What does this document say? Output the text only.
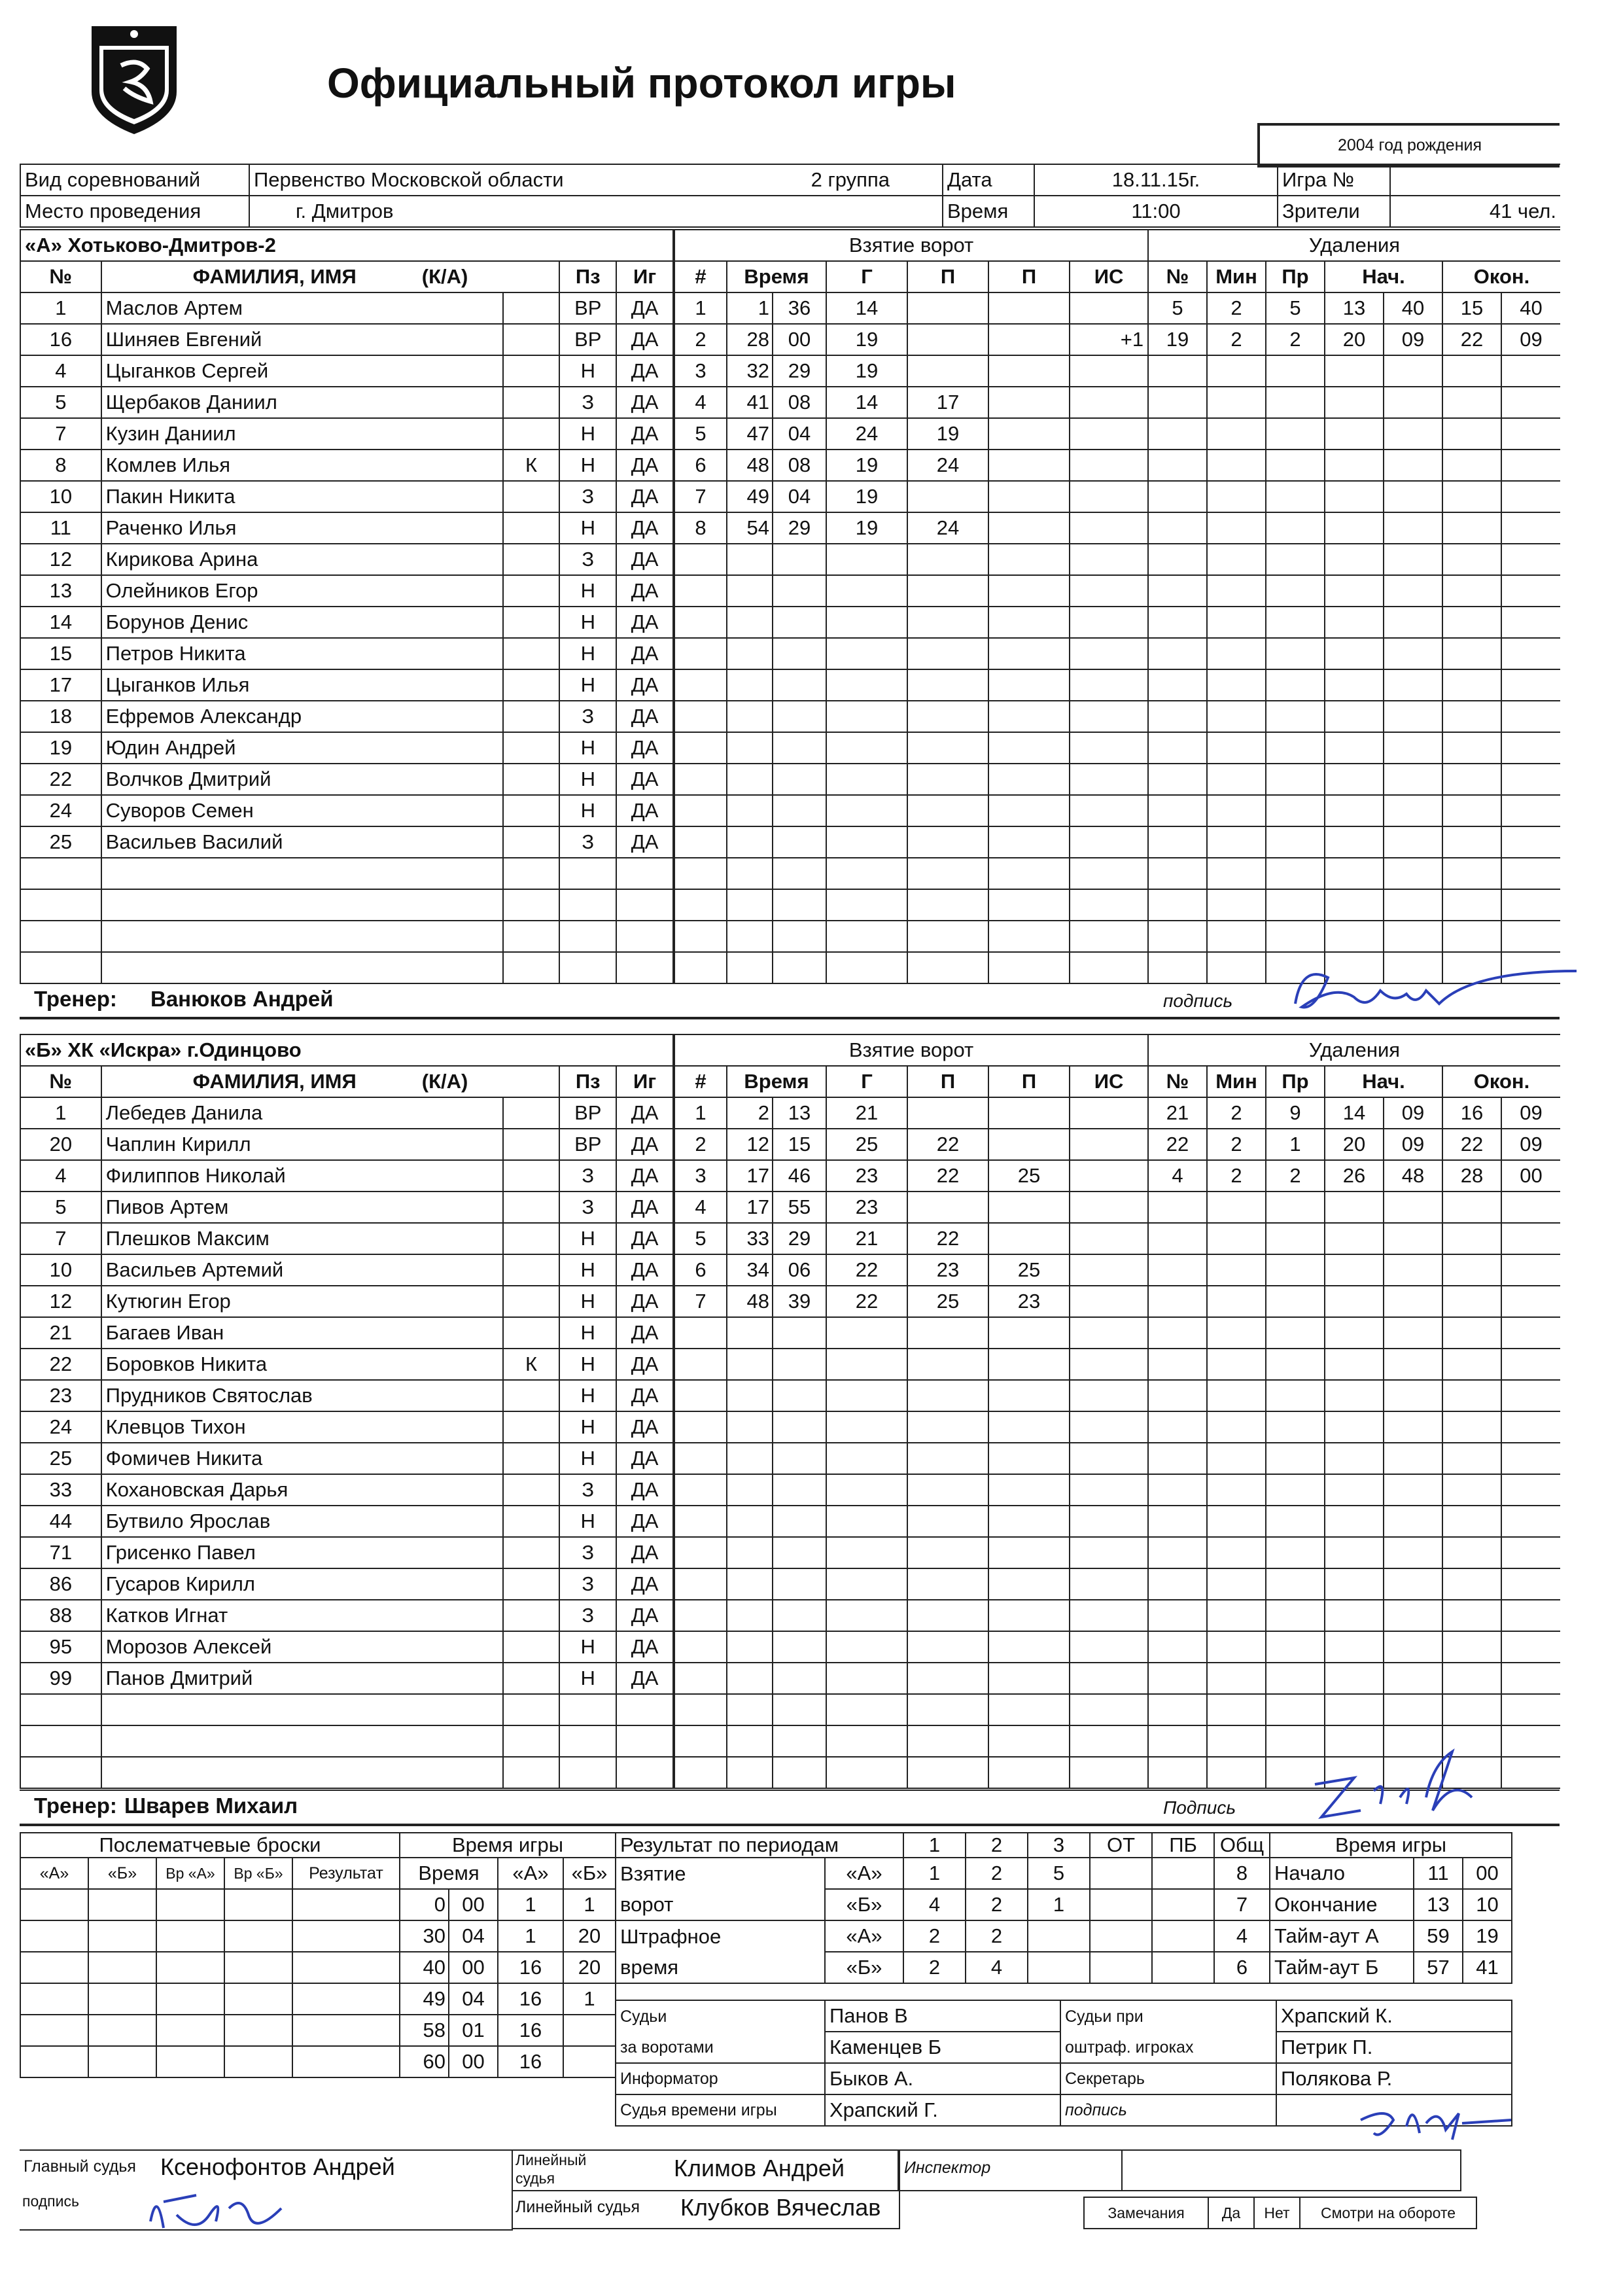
Официальный протокол игры
2004 год рождения
Вид соревнований	Первенство Московской области	2 группа	Дата	18.11.15г.	Игра №	
Место проведения	г. Дмитров		Время	11:00	Зрители	41 чел.
«А» Хотьково-Дмитров-2				
№	ФАМИЛИЯ, ИМЯ (К/А)		Пз	Иг
1	Маслов Артем		ВР	ДА
16	Шиняев Евгений		ВР	ДА
4	Цыганков Сергей		Н	ДА
5	Щербаков Даниил		З	ДА
7	Кузин Даниил		Н	ДА
8	Комлев Илья	К	Н	ДА
10	Пакин Никита		З	ДА
11	Раченко Илья		Н	ДА
12	Кирикова Арина		З	ДА
13	Олейников Егор		Н	ДА
14	Борунов Денис		Н	ДА
15	Петров Никита		Н	ДА
17	Цыганков Илья		Н	ДА
18	Ефремов Александр		З	ДА
19	Юдин Андрей		Н	ДА
22	Волчков Дмитрий		Н	ДА
24	Суворов Семен		Н	ДА
25	Васильев Василий		З	ДА

Взятие ворот						
#	Время		Г	П	П	ИС
1	1	36	14			
2	28	00	19			+1
3	32	29	19			
4	41	08	14	17		
5	47	04	24	19		
6	48	08	19	24		
7	49	04	19			
8	54	29	19	24		

Удаления						
№	Мин	Пр	Нач.		Окон.	
5	2	5	13	40	15	40
19	2	2	20	09	22	09

«Б» ХК «Искра» г.Одинцово				
№	ФАМИЛИЯ, ИМЯ (К/А)		Пз	Иг
1	Лебедев Данила		ВР	ДА
20	Чаплин Кирилл		ВР	ДА
4	Филиппов Николай		З	ДА
5	Пивов Артем		З	ДА
7	Плешков Максим		Н	ДА
10	Васильев Артемий		Н	ДА
12	Кутюгин Егор		Н	ДА
21	Багаев Иван		Н	ДА
22	Боровков Никита	К	Н	ДА
23	Прудников Святослав		Н	ДА
24	Клевцов Тихон		Н	ДА
25	Фомичев Никита		Н	ДА
33	Кохановская Дарья		З	ДА
44	Бутвило Ярослав		Н	ДА
71	Грисенко Павел		З	ДА
86	Гусаров Кирилл		З	ДА
88	Катков Игнат		З	ДА
95	Морозов Алексей		Н	ДА
99	Панов Дмитрий		Н	ДА

Взятие ворот						
#	Время		Г	П	П	ИС
1	2	13	21			
2	12	15	25	22		
3	17	46	23	22	25	
4	17	55	23			
5	33	29	21	22		
6	34	06	22	23	25	
7	48	39	22	25	23	

Удаления						
№	Мин	Пр	Нач.		Окон.	
21	2	9	14	09	16	09
22	2	1	20	09	22	09
4	2	2	26	48	28	00

Тренер: Ванюков Андрей	подпись
Тренер: Шварев Михаил	Подпись
Послематчевые броски				
«А»	«Б»	Вр «А»	Вр «Б»	Результат

Время игры			
Время		«А»	«Б»
0	00	1	1
30	04	1	20
40	00	16	20
49	04	16	1
58	01	16	
60	00	16	
Результат по периодам		1	2	3	ОТ	ПБ	Общ
Взятие	«А»	1	2	5			8
ворот	«Б»	4	2	1			7
Штрафное	«А»	2	2				4
время	«Б»	2	4				6
Время игры		
Начало	11	00
Окончание	13	10
Тайм-аут А	59	19
Тайм-аут Б	57	41
Судьи	Панов В	Судьи при	Храпский К.
за воротами	Каменцев Б	оштраф. игроках	Петрик П.
Информатор	Быков А.	Секретарь	Полякова Р.
Судья времени игры	Храпский Г.	подпись	
Главный судья Ксенофонтов Андрей
подпись
Линейный
судья	Климов Андрей	Инспектор
Линейный судья Клубков Вячеслав	Замечания	Да	Нет	Смотри на обороте
